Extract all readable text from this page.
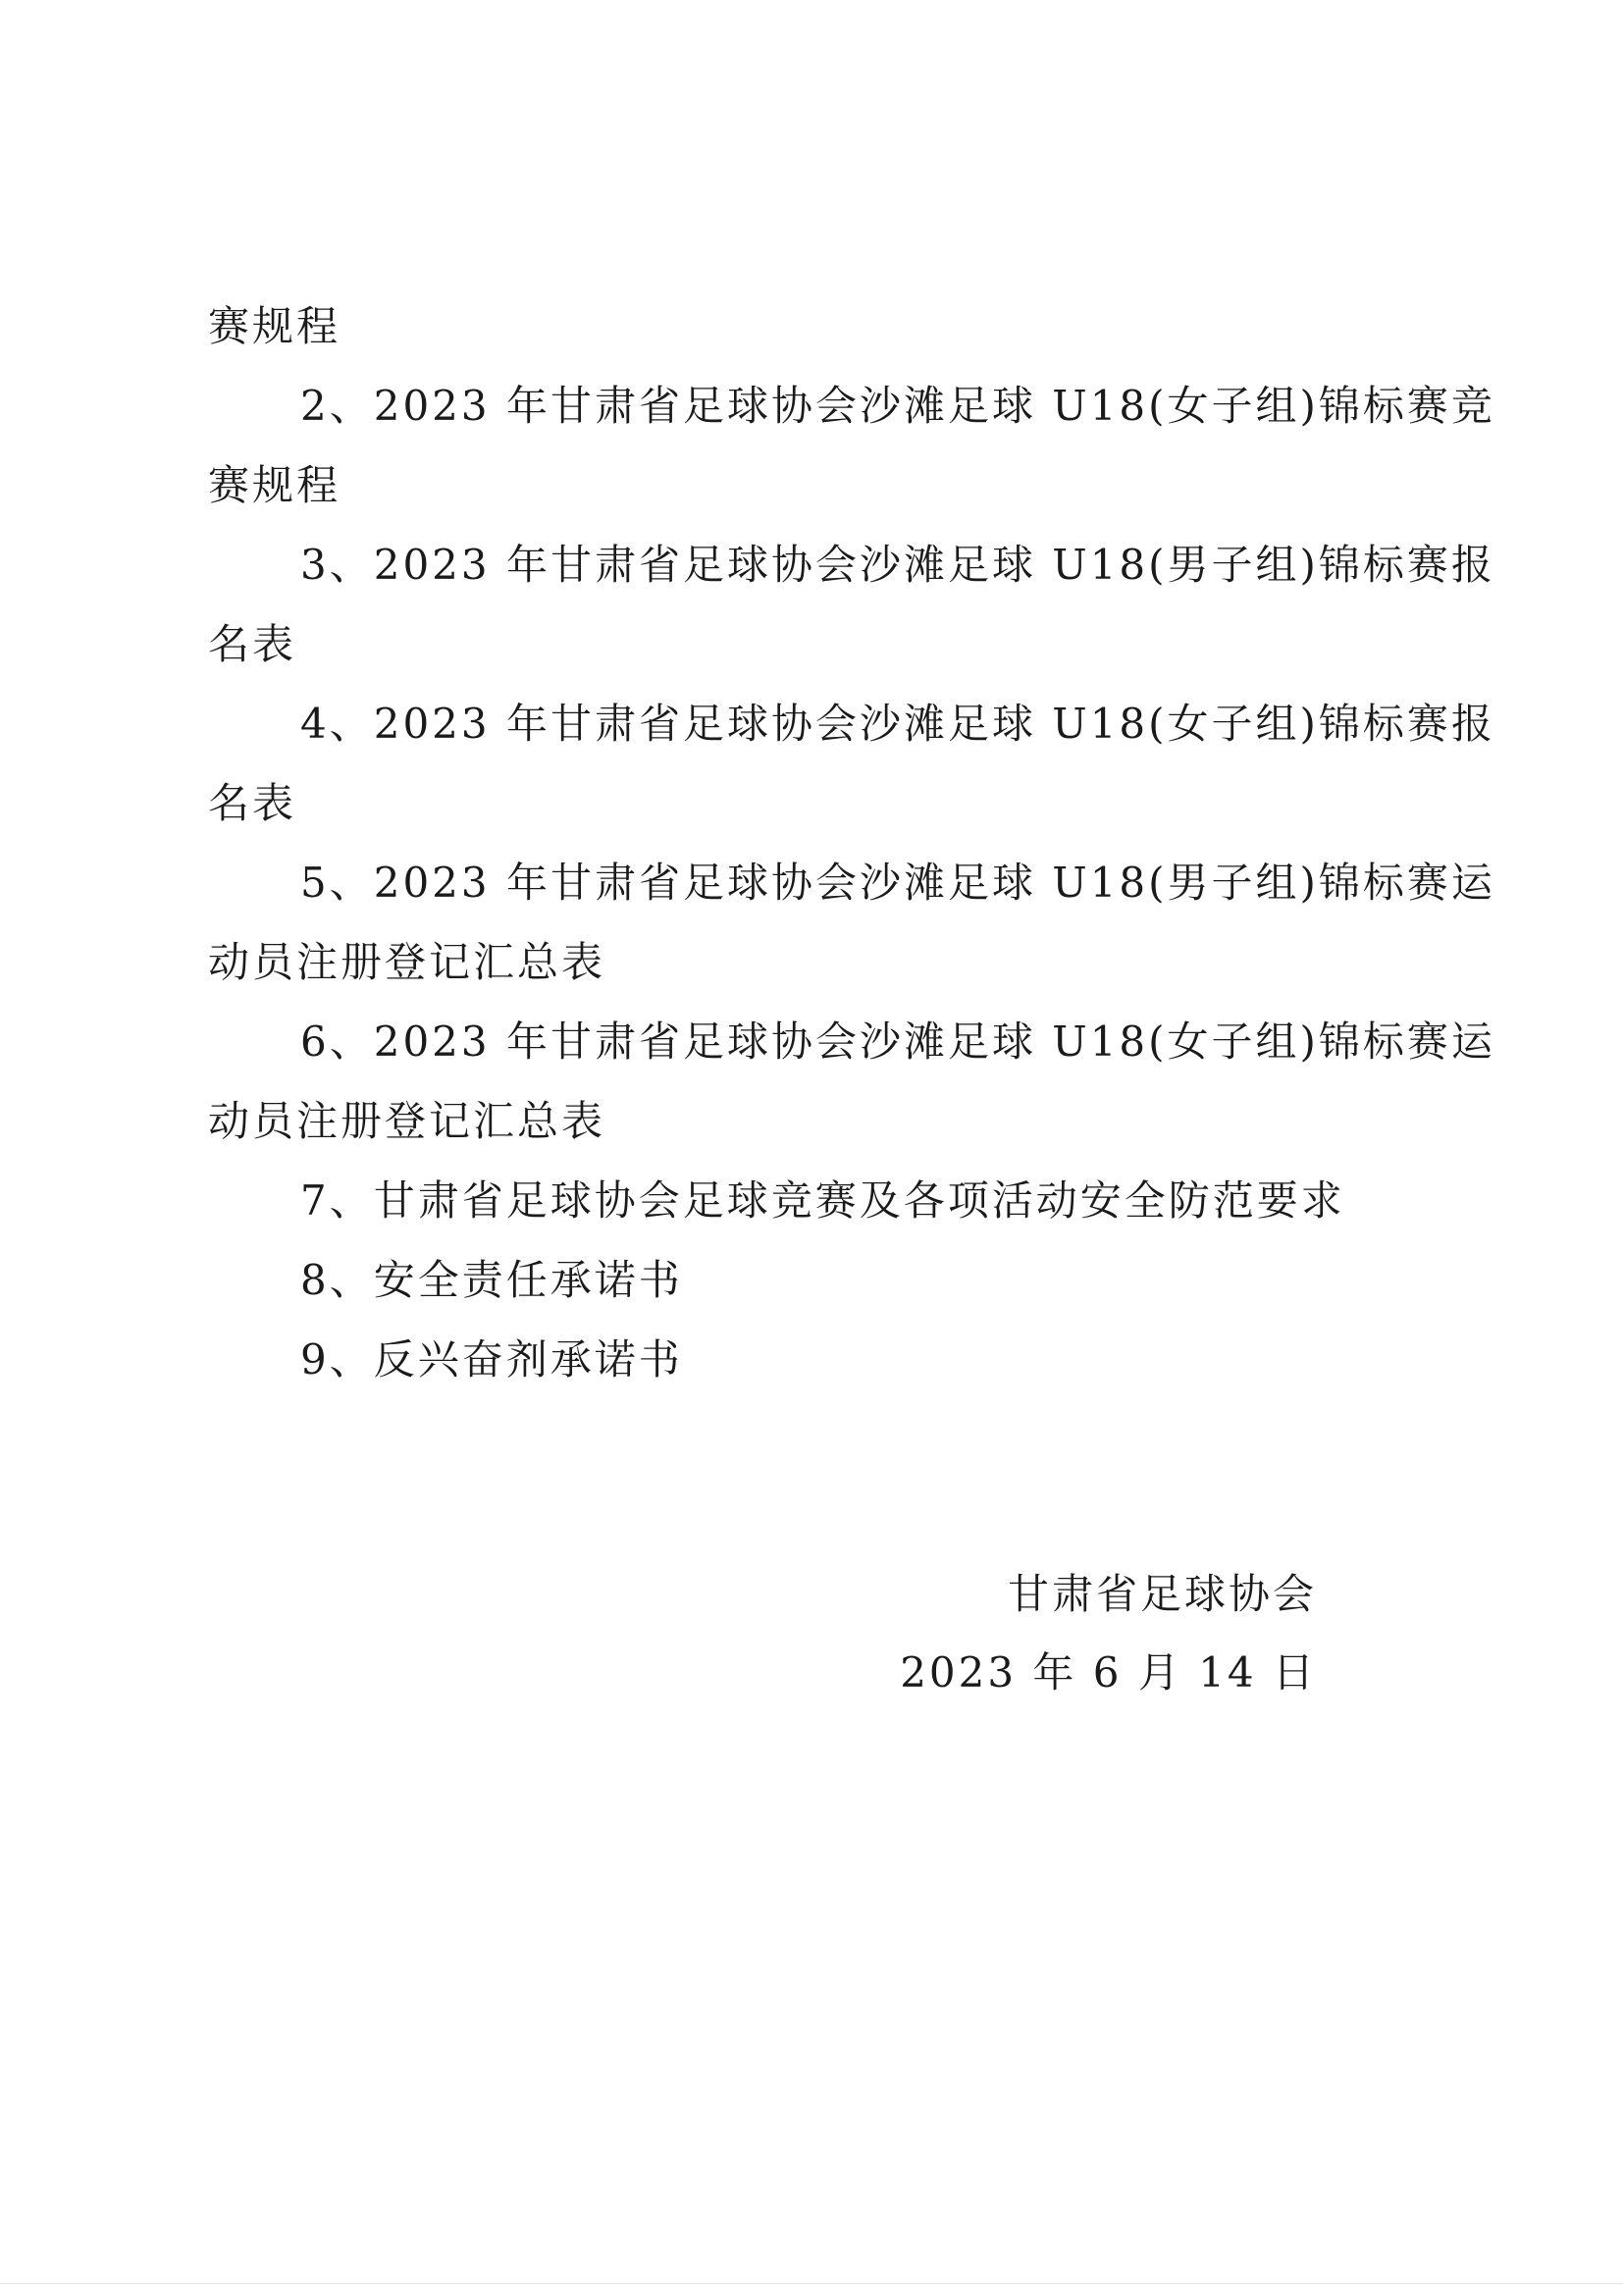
赛规程

2、2023 年甘肃省足球协会沙滩足球 U18(女子组)锦标赛竞

赛规程

3、2023 年甘肃省足球协会沙滩足球 U18(男子组)锦标赛报

名表

4、2023 年甘肃省足球协会沙滩足球 U18(女子组)锦标赛报

名表

5、2023 年甘肃省足球协会沙滩足球 U18(男子组)锦标赛运

动员注册登记汇总表

6、2023 年甘肃省足球协会沙滩足球 U18(女子组)锦标赛运

动员注册登记汇总表

7、甘肃省足球协会足球竞赛及各项活动安全防范要求

8、安全责任承诺书

9、反兴奋剂承诺书

甘肃省足球协会

2023 年 6 月 14 日
